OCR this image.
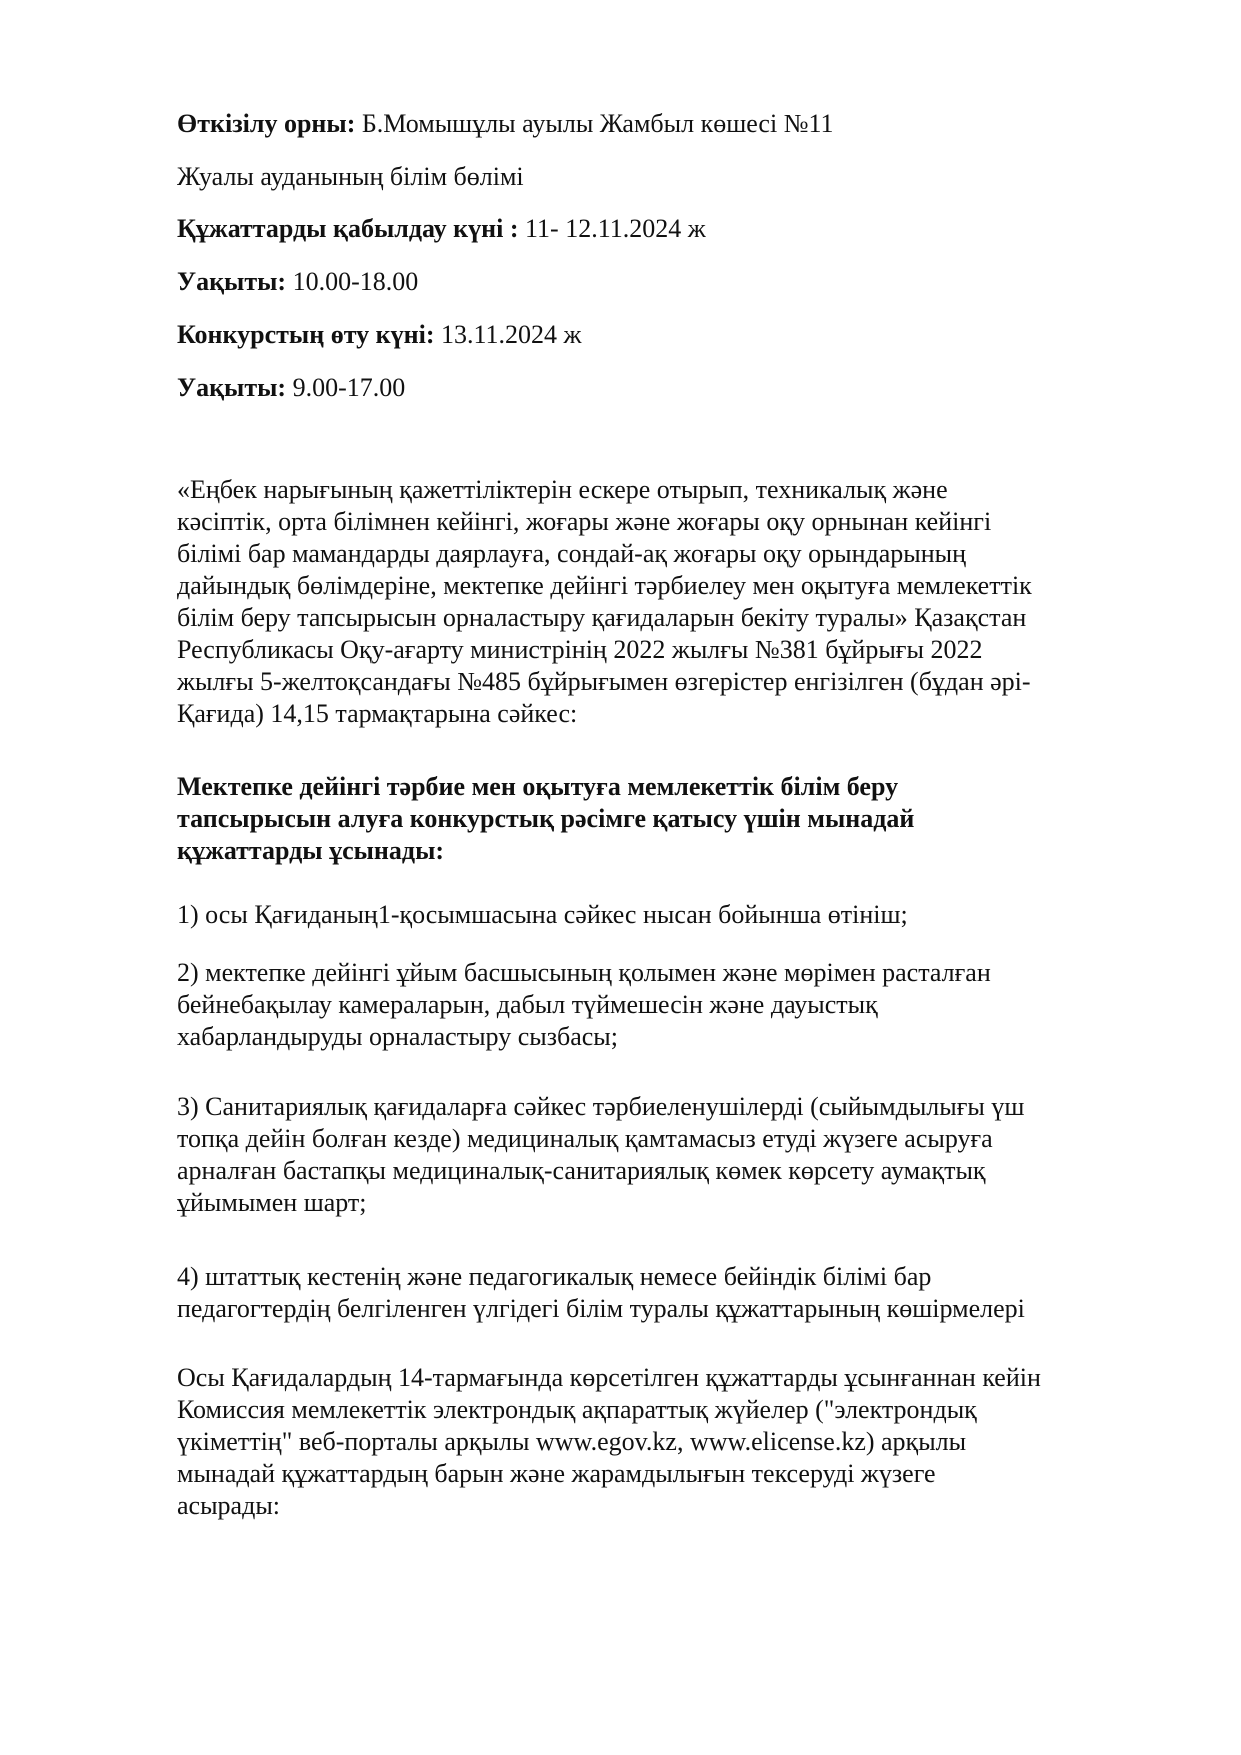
Өткізілу орны: Б.Момышұлы ауылы Жамбыл көшесі №11

Жуалы ауданының білім бөлімі

Құжаттарды қабылдау күні : 11- 12.11.2024 ж

Уақыты: 10.00-18.00

Конкурстың өту күні: 13.11.2024 ж

Уақыты: 9.00-17.00

«Еңбек нарығының қажеттіліктерін ескере отырып, техникалық және

кәсіптік, орта білімнен кейінгі, жоғары және жоғары оқу орнынан кейінгі

білімі бар мамандарды даярлауға, сондай-ақ жоғары оқу орындарының

дайындық бөлімдеріне, мектепке дейінгі тәрбиелеу мен оқытуға мемлекеттік

білім беру тапсырысын орналастыру қағидаларын бекіту туралы» Қазақстан

Республикасы Оқу-ағарту министрінің 2022 жылғы №381 бұйрығы 2022

жылғы 5-желтоқсандағы №485 бұйрығымен өзгерістер енгізілген (бұдан әрі-

Қағида) 14,15 тармақтарына сәйкес:

Мектепке дейінгі тәрбие мен оқытуға мемлекеттік білім беру

тапсырысын алуға конкурстық рәсімге қатысу үшін мынадай

құжаттарды ұсынады:

1) осы Қағиданың1-қосымшасына сәйкес нысан бойынша өтініш;

2) мектепке дейінгі ұйым басшысының қолымен және мөрімен расталған

бейнебақылау камераларын, дабыл түймешесін және дауыстық

хабарландыруды орналастыру сызбасы;

3) Санитариялық қағидаларға сәйкес тәрбиеленушілерді (сыйымдылығы үш

топқа дейін болған кезде) медициналық қамтамасыз етуді жүзеге асыруға

арналған бастапқы медициналық-санитариялық көмек көрсету аумақтық

ұйымымен шарт;

4) штаттық кестенің және педагогикалық немесе бейіндік білімі бар

педагогтердің белгіленген үлгідегі білім туралы құжаттарының көшірмелері

Осы Қағидалардың 14-тармағында көрсетілген құжаттарды ұсынғаннан кейін

Комиссия мемлекеттік электрондық ақпараттық жүйелер ("электрондық

үкіметтің" веб-порталы арқылы www.egov.kz, www.elicense.kz) арқылы

мынадай құжаттардың барын және жарамдылығын тексеруді жүзеге

асырады:
